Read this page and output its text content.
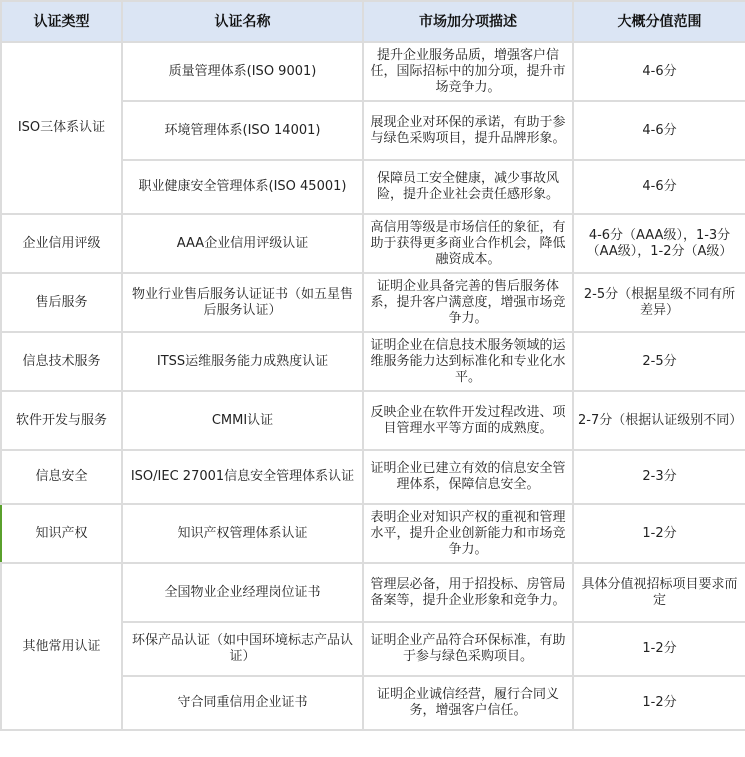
认证类型	认证名称	市场加分项描述	大概分值范围
ISO三体系认证	质量管理体系(ISO 9001)	提升企业服务品质，增强客户信任，国际招标中的加分项，提升市场竞争力。	4-6分
	环境管理体系(ISO 14001)	展现企业对环保的承诺，有助于参与绿色采购项目，提升品牌形象。	4-6分
	职业健康安全管理体系(ISO 45001)	保障员工安全健康，减少事故风险，提升企业社会责任感形象。	4-6分
企业信用评级	AAA企业信用评级认证	高信用等级是市场信任的象征，有助于获得更多商业合作机会，降低融资成本。	4-6分（AAA级），1-3分（AA级），1-2分（A级）
售后服务	物业行业售后服务认证证书（如五星售后服务认证）	证明企业具备完善的售后服务体系，提升客户满意度，增强市场竞争力。	2-5分（根据星级不同有所差异）
信息技术服务	ITSS运维服务能力成熟度认证	证明企业在信息技术服务领域的运维服务能力达到标准化和专业化水平。	2-5分
软件开发与服务	CMMI认证	反映企业在软件开发过程改进、项目管理水平等方面的成熟度。	2-7分（根据认证级别不同）
信息安全	ISO/IEC 27001信息安全管理体系认证	证明企业已建立有效的信息安全管理体系，保障信息安全。	2-3分
知识产权	知识产权管理体系认证	表明企业对知识产权的重视和管理水平，提升企业创新能力和市场竞争力。	1-2分
其他常用认证	全国物业企业经理岗位证书	管理层必备，用于招投标、房管局备案等，提升企业形象和竞争力。	具体分值视招标项目要求而定
	环保产品认证（如中国环境标志产品认证）	证明企业产品符合环保标准，有助于参与绿色采购项目。	1-2分
	守合同重信用企业证书	证明企业诚信经营，履行合同义务，增强客户信任。	1-2分
